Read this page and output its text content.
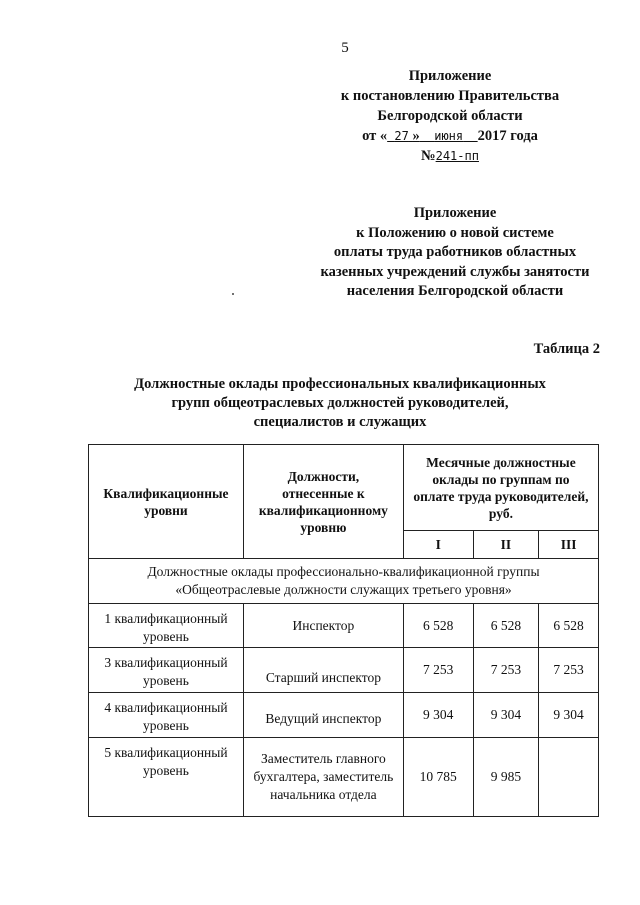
5
Приложение
к постановлению Правительства
Белгородской области
от « 27 » июня 2017 года
№241-пп
Приложение
к Положению о новой системе
оплаты труда работников областных
казенных учреждений службы занятости
населения Белгородской области
Таблица 2
Должностные оклады профессиональных квалификационных
групп общеотраслевых должностей руководителей,
специалистов и служащих
Квалификационные уровни	Должности, отнесенные к квалификационному уровню	Месячные должностные оклады по группам по оплате труда руководителей, руб.		
		I	II	III

Должностные оклады профессионально-квалификационной группы
«Общеотраслевые должности служащих третьего уровня»				

1 квалификационный уровень	Инспектор	6 528	6 528	6 528
3 квалификационный уровень	Старший инспектор	7 253	7 253	7 253
4 квалификационный уровень	Ведущий инспектор	9 304	9 304	9 304
5 квалификационный уровень	Заместитель главного бухгалтера, заместитель начальника отдела	10 785	9 985	
